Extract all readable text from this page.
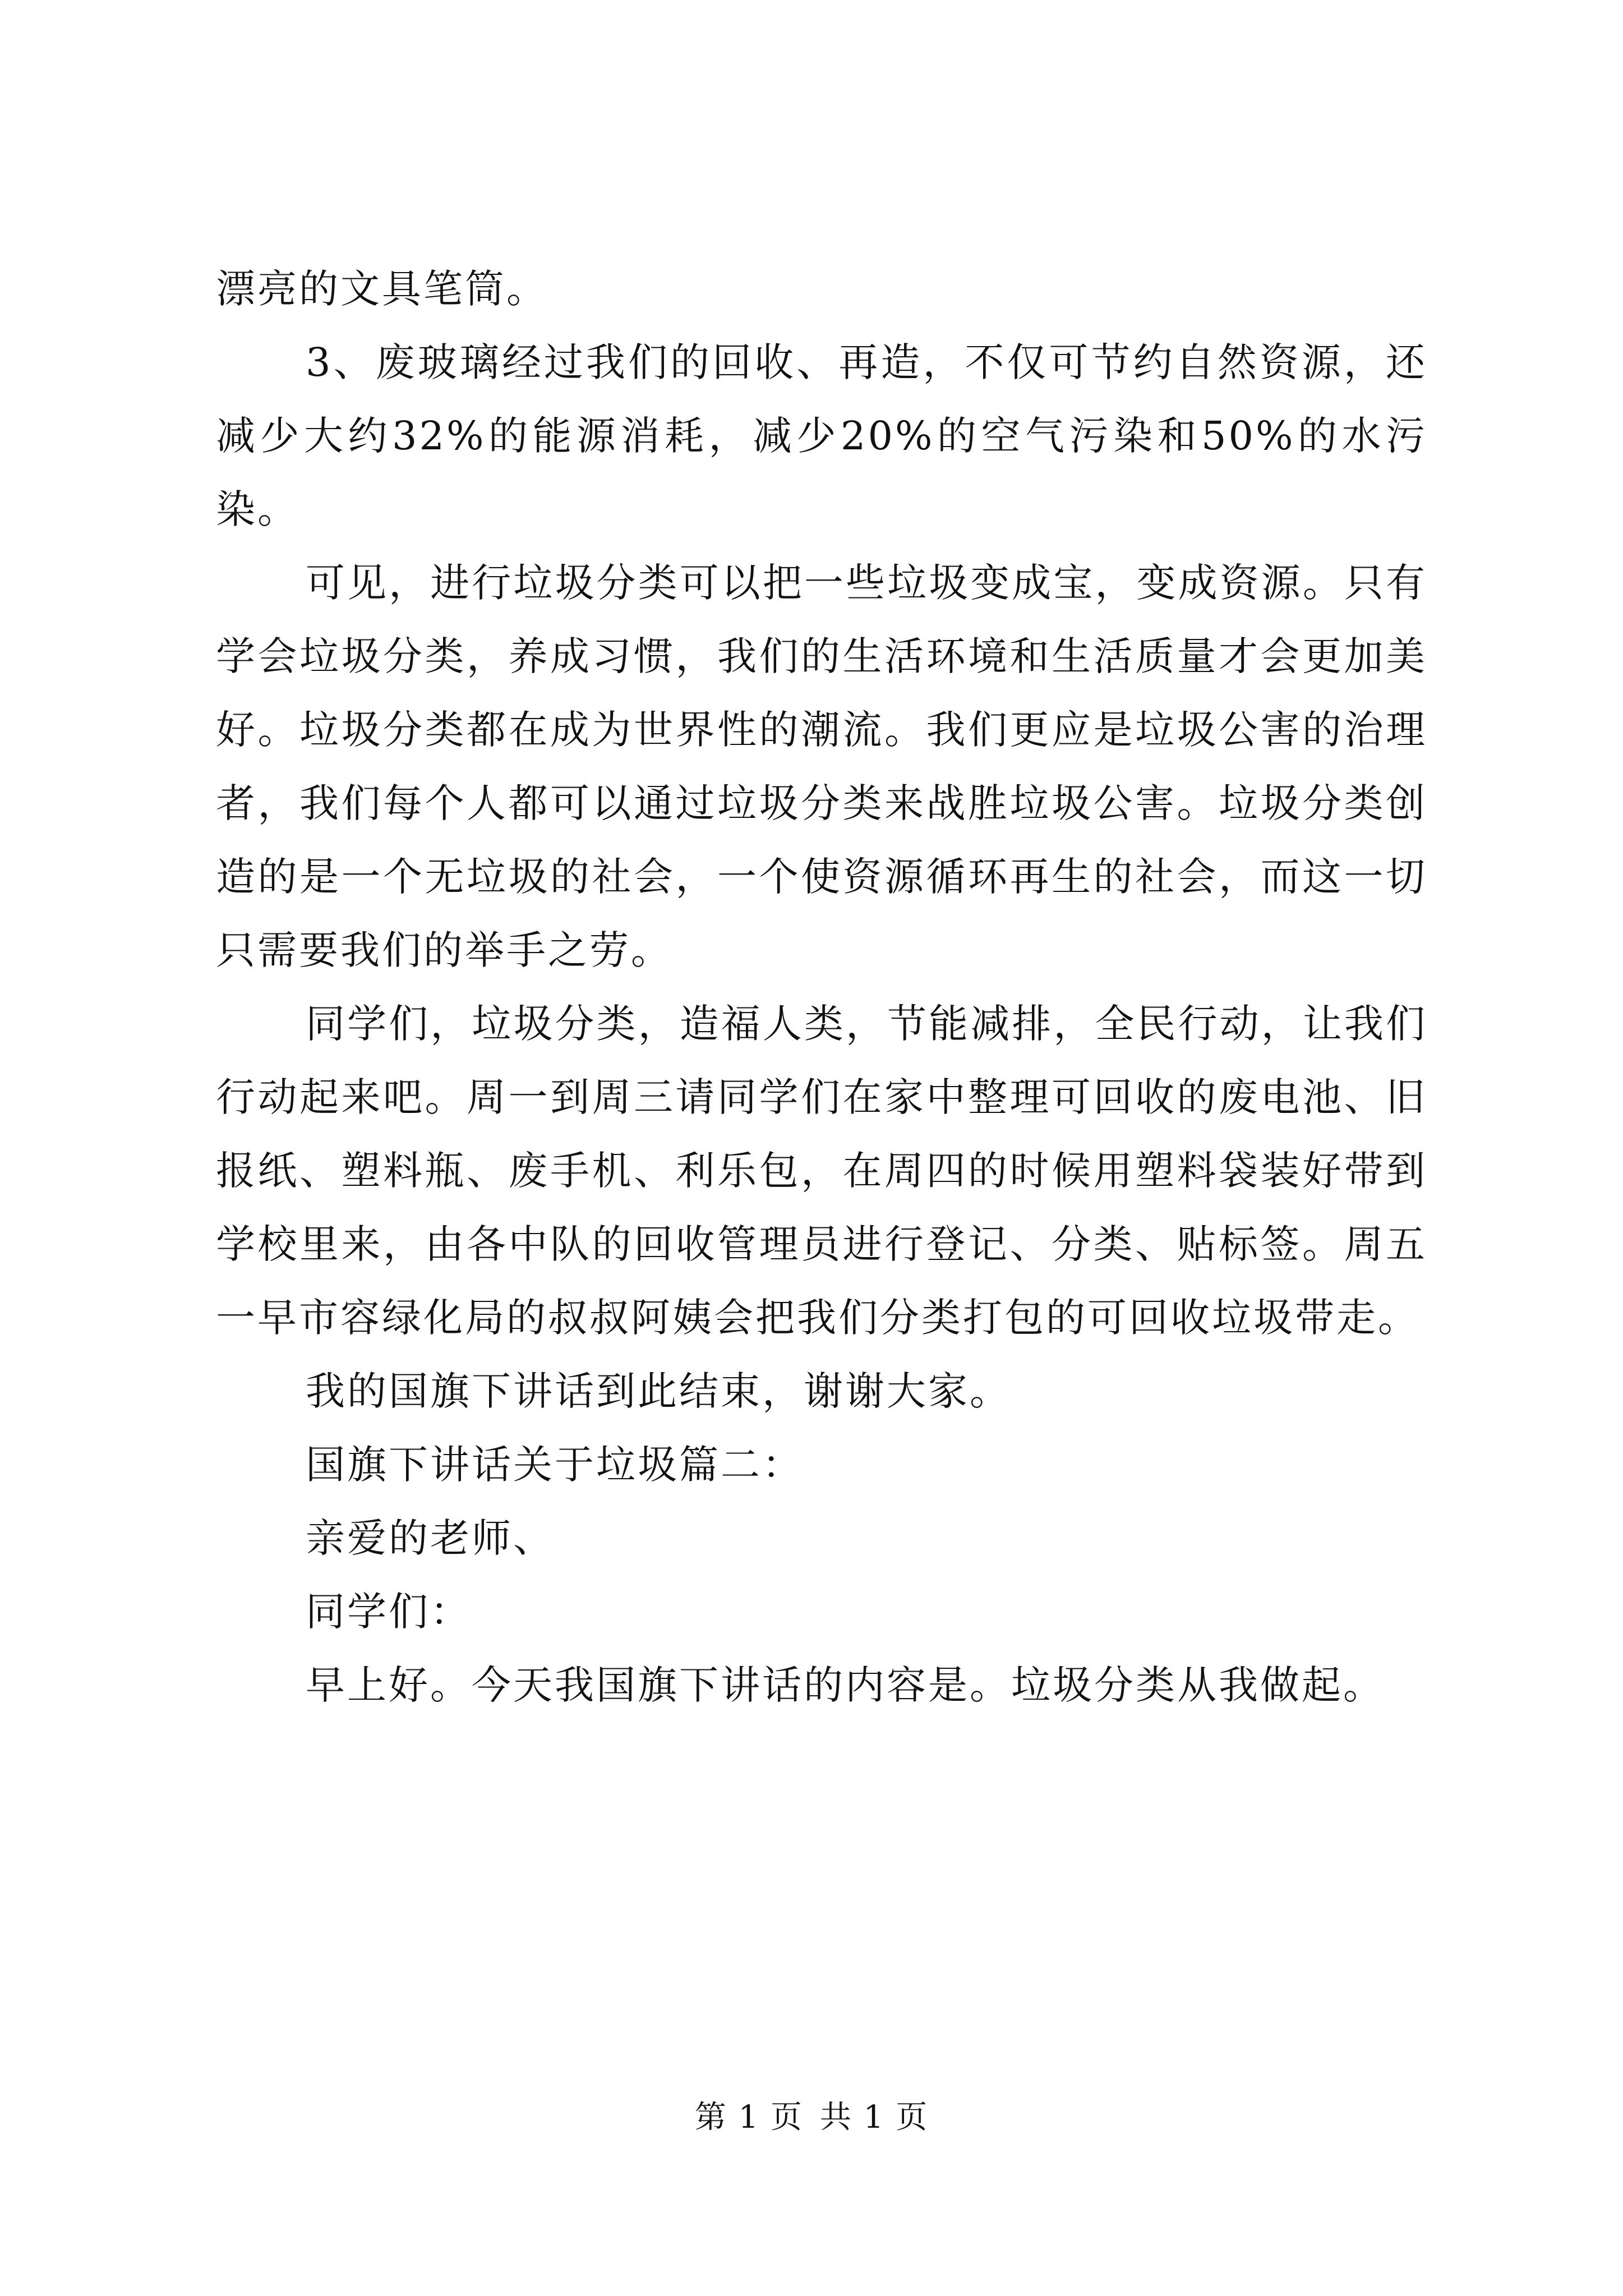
漂亮的文具笔筒。

3、废玻璃经过我们的回收、再造，不仅可节约自然资源，还减少大约32%的能源消耗，减少20%的空气污染和50%的水污染。

可见，进行垃圾分类可以把一些垃圾变成宝，变成资源。只有学会垃圾分类，养成习惯，我们的生活环境和生活质量才会更加美好。垃圾分类都在成为世界性的潮流。我们更应是垃圾公害的治理者，我们每个人都可以通过垃圾分类来战胜垃圾公害。垃圾分类创造的是一个无垃圾的社会，一个使资源循环再生的社会，而这一切只需要我们的举手之劳。

同学们，垃圾分类，造福人类，节能减排，全民行动，让我们行动起来吧。周一到周三请同学们在家中整理可回收的废电池、旧报纸、塑料瓶、废手机、利乐包，在周四的时候用塑料袋装好带到学校里来，由各中队的回收管理员进行登记、分类、贴标签。周五一早市容绿化局的叔叔阿姨会把我们分类打包的可回收垃圾带走。

我的国旗下讲话到此结束，谢谢大家。

国旗下讲话关于垃圾篇二：

亲爱的老师、

同学们：

早上好。今天我国旗下讲话的内容是。垃圾分类从我做起。

第 1 页 共 1 页
